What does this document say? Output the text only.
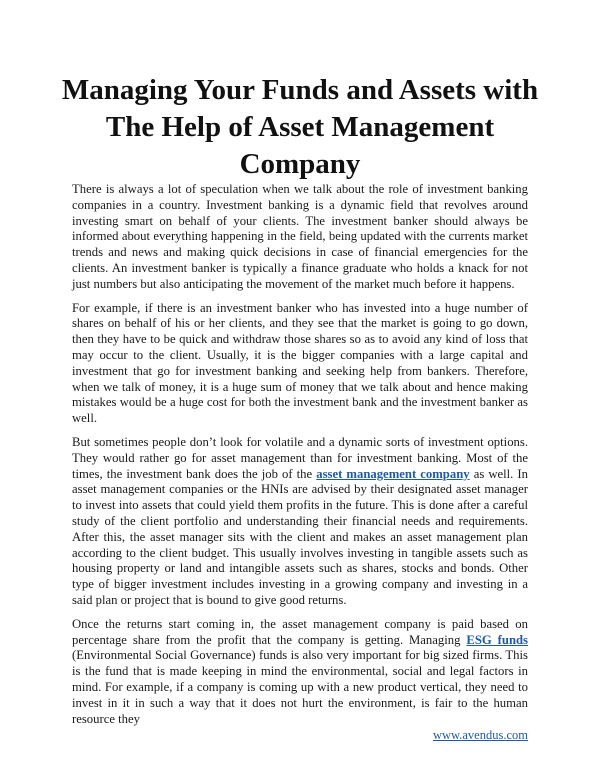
Managing Your Funds and Assets with The Help of Asset Management Company

There is always a lot of speculation when we talk about the role of investment banking companies in a country. Investment banking is a dynamic field that revolves around investing smart on behalf of your clients. The investment banker should always be informed about everything happening in the field, being updated with the currents market trends and news and making quick decisions in case of financial emergencies for the clients. An investment banker is typically a finance graduate who holds a knack for not just numbers but also anticipating the movement of the market much before it happens.

For example, if there is an investment banker who has invested into a huge number of shares on behalf of his or her clients, and they see that the market is going to go down, then they have to be quick and withdraw those shares so as to avoid any kind of loss that may occur to the client. Usually, it is the bigger companies with a large capital and investment that go for investment banking and seeking help from bankers. Therefore, when we talk of money, it is a huge sum of money that we talk about and hence making mistakes would be a huge cost for both the investment bank and the investment banker as well.

But sometimes people don’t look for volatile and a dynamic sorts of investment options. They would rather go for asset management than for investment banking. Most of the times, the investment bank does the job of the asset management company as well. In asset management companies or the HNIs are advised by their designated asset manager to invest into assets that could yield them profits in the future. This is done after a careful study of the client portfolio and understanding their financial needs and requirements. After this, the asset manager sits with the client and makes an asset management plan according to the client budget. This usually involves investing in tangible assets such as housing property or land and intangible assets such as shares, stocks and bonds. Other type of bigger investment includes investing in a growing company and investing in a said plan or project that is bound to give good returns.

Once the returns start coming in, the asset management company is paid based on percentage share from the profit that the company is getting. Managing ESG funds (Environmental Social Governance) funds is also very important for big sized firms. This is the fund that is made keeping in mind the environmental, social and legal factors in mind. For example, if a company is coming up with a new product vertical, they need to invest in it in such a way that it does not hurt the environment, is fair to the human resource they

www.avendus.com
